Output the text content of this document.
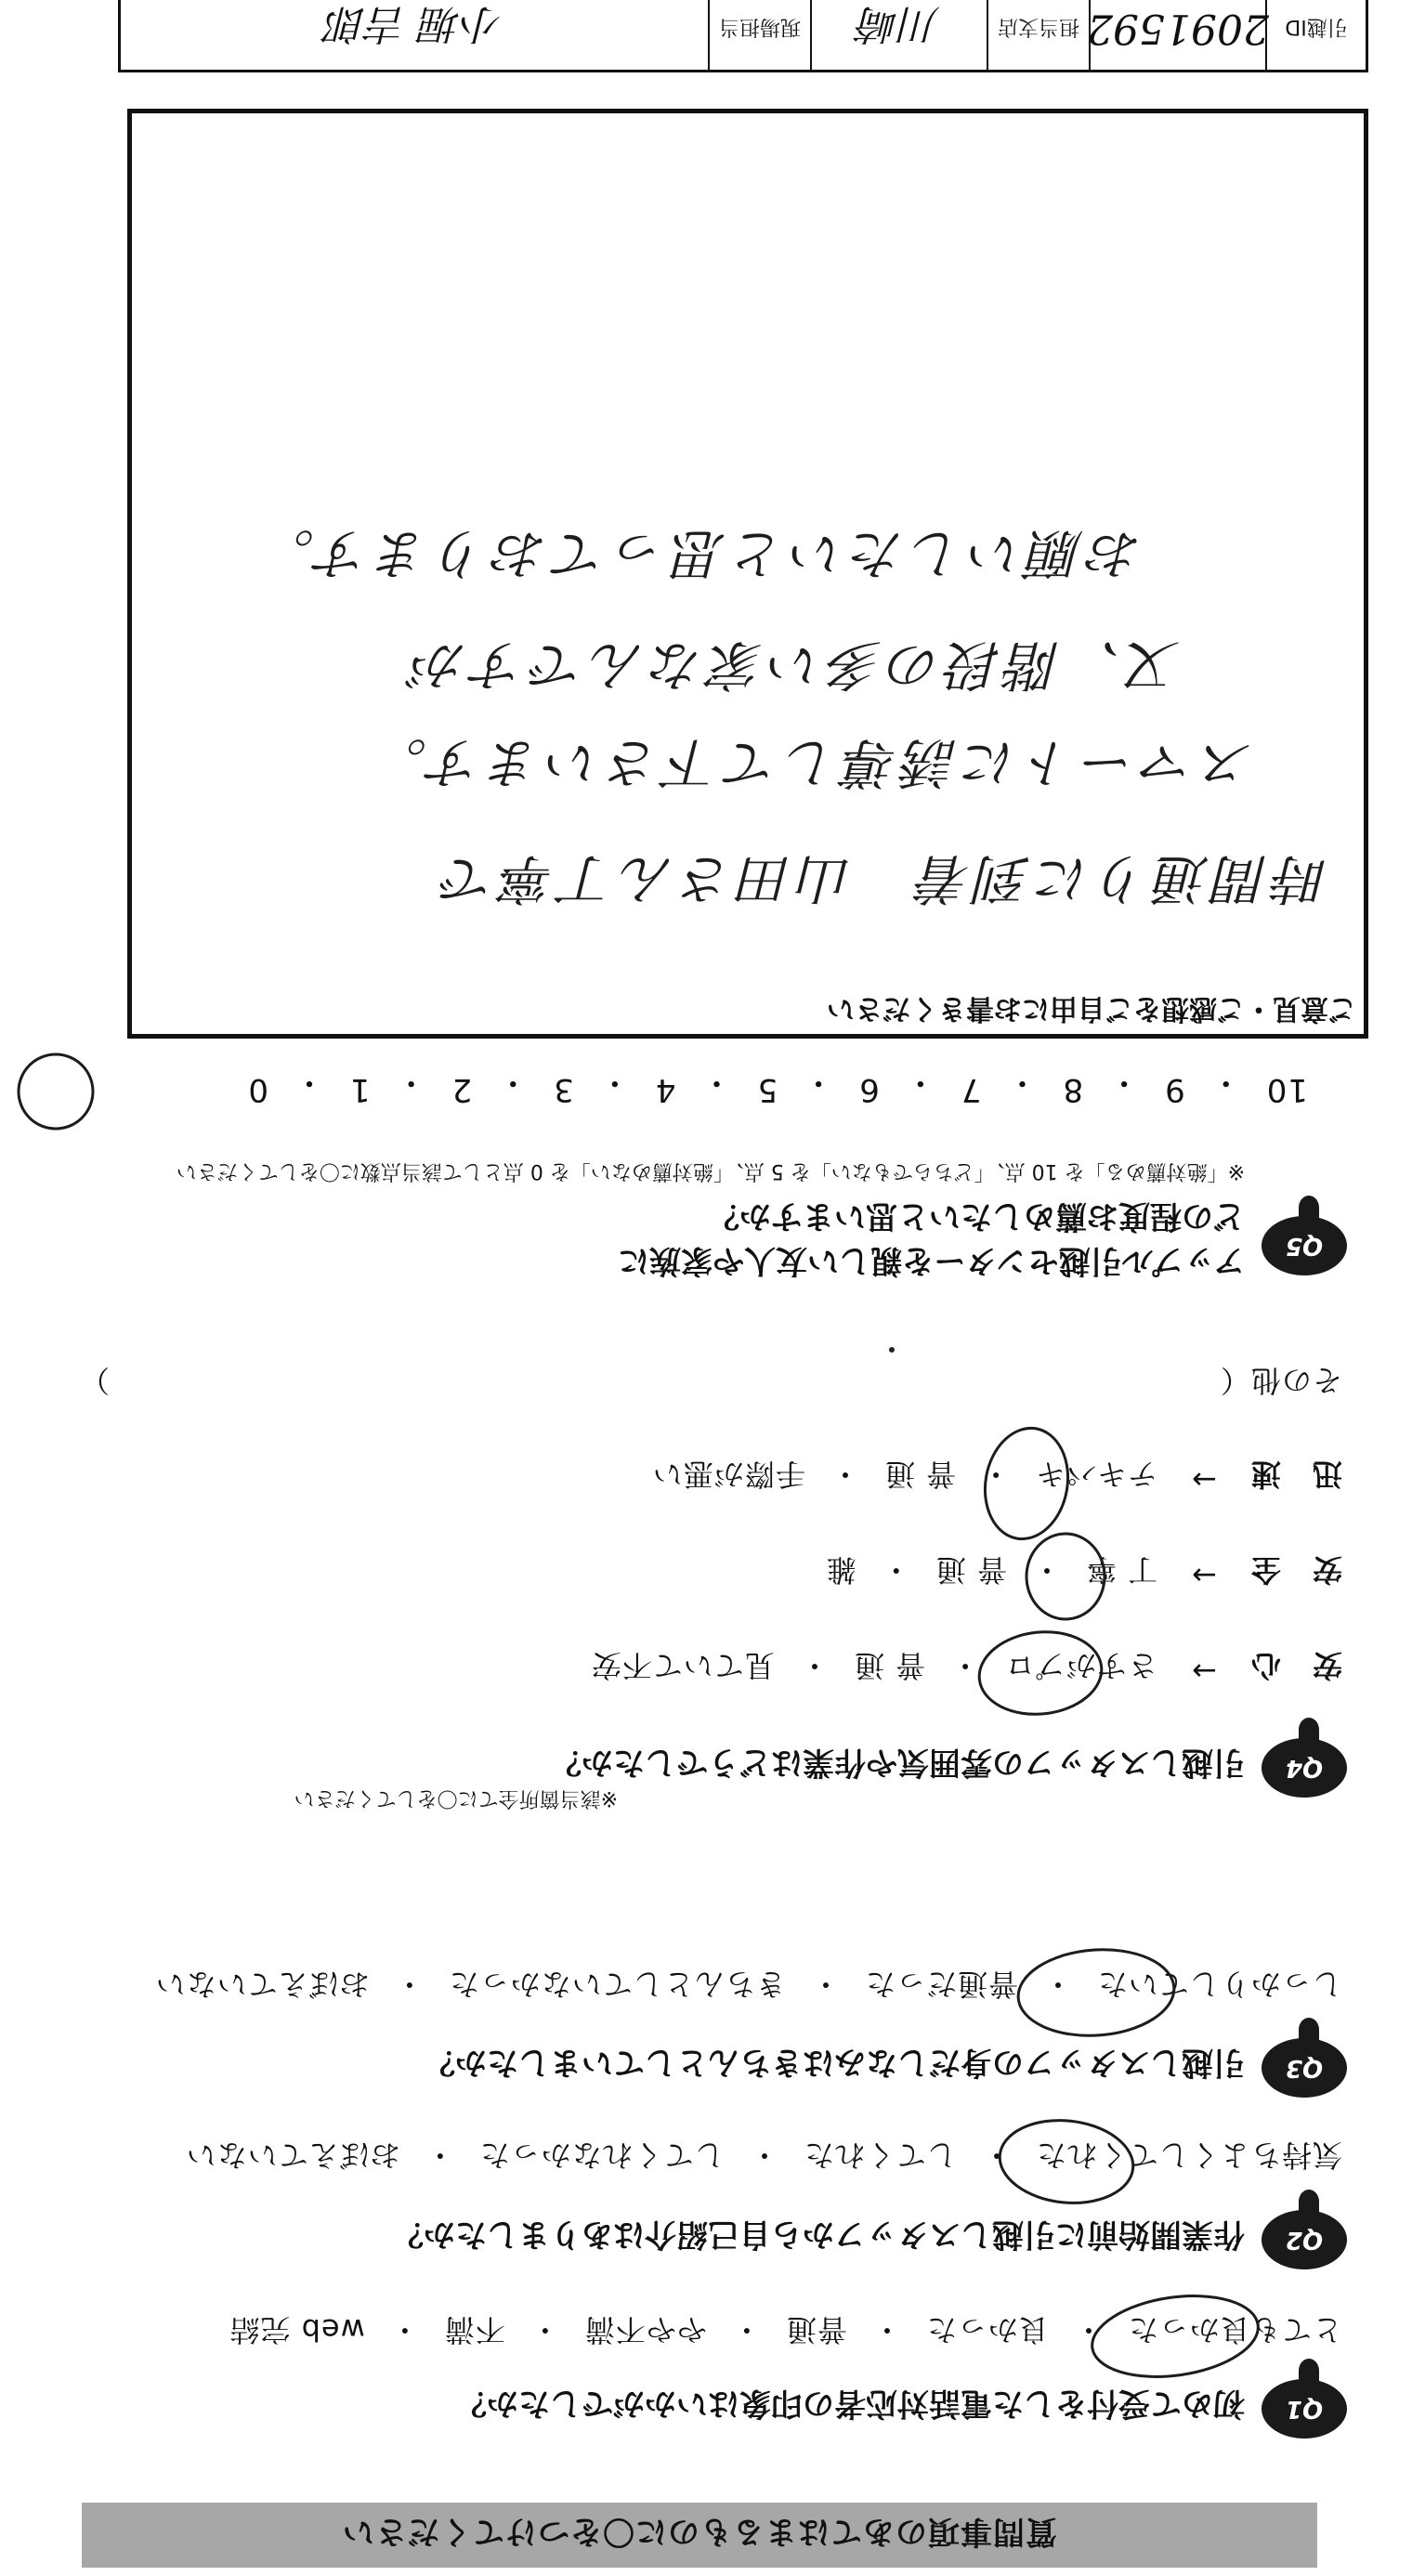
質問事項のあてはまるものに〇をつけてください
Q1
初めて受付をした電話対応者の印象はいかがでしたか？
とても良かった
・
良かった
・
普通
・
やや不満
・
不満
・
web 完結
Q2
作業開始前に引越しスタッフから自己紹介はありましたか？
気持ちよくしてくれた
・
してくれた
・
してくれなかった
・
おぼえていない
Q3
引越しスタッフの身だしなみはきちんとしていましたか？
しっかりしていた
・
普通だった
・
きちんとしていなかった
・
おぼえていない
Q4
引越しスタッフの雰囲気や作業はどうでしたか？
※該当箇所全てに〇をしてください
安　心
→
さすがプロ
・
普 通
・
見ていて不安
安　全
→
丁 寧
・
普 通
・
雑
迅　速
→
テキパキ
・
普 通
・
手際が悪い
その他（
）
Q5
アップル引越センターを親しい友人や家族に
どの程度お薦めしたいと思いますか？
※「絶対薦める」を 10 点、「どちらでもない」を 5 点、「絶対薦めない」を 0 点として該当点数に〇をしてください
10
・
9
・
8
・
7
・
6
・
5
・
4
・
3
・
2
・
1
・
0
ご意見・ご感想をご自由にお書きください
時間通りに到着　山田さん丁寧で
スマートに誘導して下さいます。
又、階段の多い家なんですが
お願いしたいと思っております。
引越ID
2091592
担当支店
川崎
現場担当
小堀 吉郎
